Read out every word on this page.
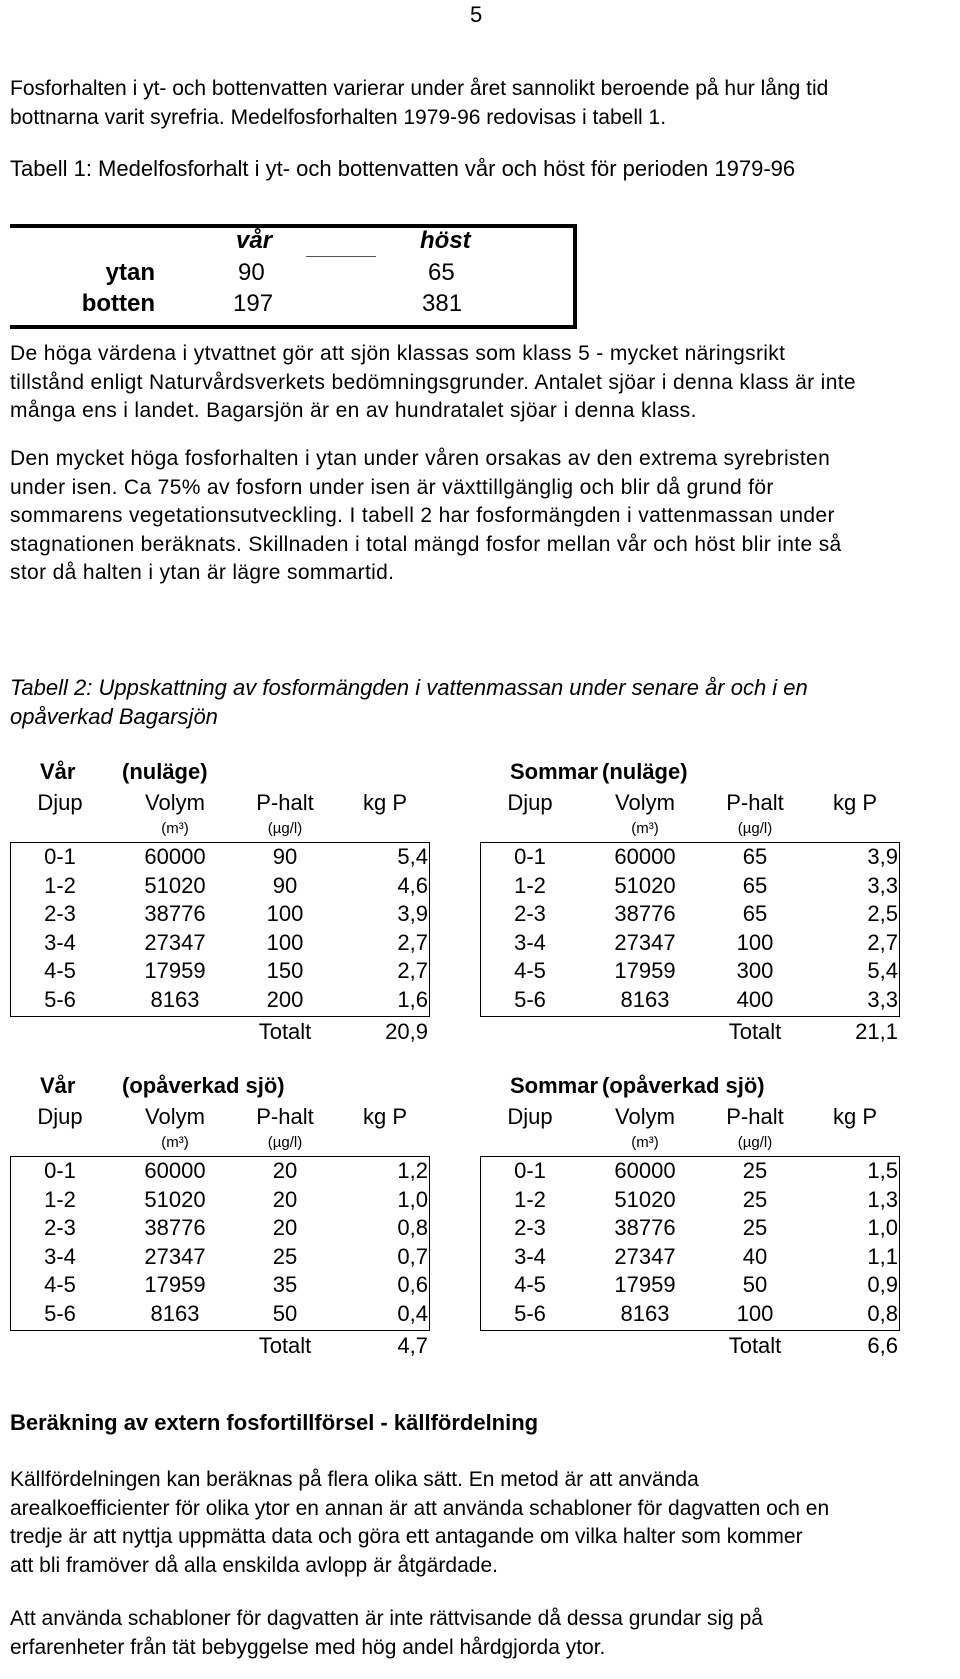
5
Fosforhalten i yt- och bottenvatten varierar under året sannolikt beroende på hur lång tid
bottnarna varit syrefria. Medelfosforhalten 1979-96 redovisas i tabell 1.
Tabell 1: Medelfosforhalt i yt- och bottenvatten vår och höst för perioden 1979-96
vår	höst
ytan	90	65
botten	197	381
De höga värdena i ytvattnet gör att sjön klassas som klass 5 - mycket näringsrikt
tillstånd enligt Naturvårdsverkets bedömningsgrunder. Antalet sjöar i denna klass är inte
många ens i landet. Bagarsjön är en av hundratalet sjöar i denna klass.
Den mycket höga fosforhalten i ytan under våren orsakas av den extrema syrebristen
under isen. Ca 75% av fosforn under isen är växttillgänglig och blir då grund för
sommarens vegetationsutveckling. I tabell 2 har fosformängden i vattenmassan under
stagnationen beräknats. Skillnaden i total mängd fosfor mellan vår och höst blir inte så
stor då halten i ytan är lägre sommartid.
Tabell 2: Uppskattning av fosformängden i vattenmassan under senare år och i en
opåverkad Bagarsjön
Vår (nuläge)
Djup	Volym	P-halt	kg P
(m³)	(µg/l)
0-1	60000	90	5,4
1-2	51020	90	4,6
2-3	38776	100	3,9
3-4	27347	100	2,7
4-5	17959	150	2,7
5-6	8163	200	1,6
Totalt	20,9
Sommar (nuläge)
Djup	Volym	P-halt	kg P
(m³)	(µg/l)
0-1	60000	65	3,9
1-2	51020	65	3,3
2-3	38776	65	2,5
3-4	27347	100	2,7
4-5	17959	300	5,4
5-6	8163	400	3,3
Totalt	21,1
Vår (opåverkad sjö)
Djup	Volym	P-halt	kg P
(m³)	(µg/l)
0-1	60000	20	1,2
1-2	51020	20	1,0
2-3	38776	20	0,8
3-4	27347	25	0,7
4-5	17959	35	0,6
5-6	8163	50	0,4
Totalt	4,7
Sommar (opåverkad sjö)
Djup	Volym	P-halt	kg P
(m³)	(µg/l)
0-1	60000	25	1,5
1-2	51020	25	1,3
2-3	38776	25	1,0
3-4	27347	40	1,1
4-5	17959	50	0,9
5-6	8163	100	0,8
Totalt	6,6
Beräkning av extern fosfortillförsel - källfördelning
Källfördelningen kan beräknas på flera olika sätt. En metod är att använda
arealkoefficienter för olika ytor en annan är att använda schabloner för dagvatten och en
tredje är att nyttja uppmätta data och göra ett antagande om vilka halter som kommer
att bli framöver då alla enskilda avlopp är åtgärdade.
Att använda schabloner för dagvatten är inte rättvisande då dessa grundar sig på
erfarenheter från tät bebyggelse med hög andel hårdgjorda ytor.
